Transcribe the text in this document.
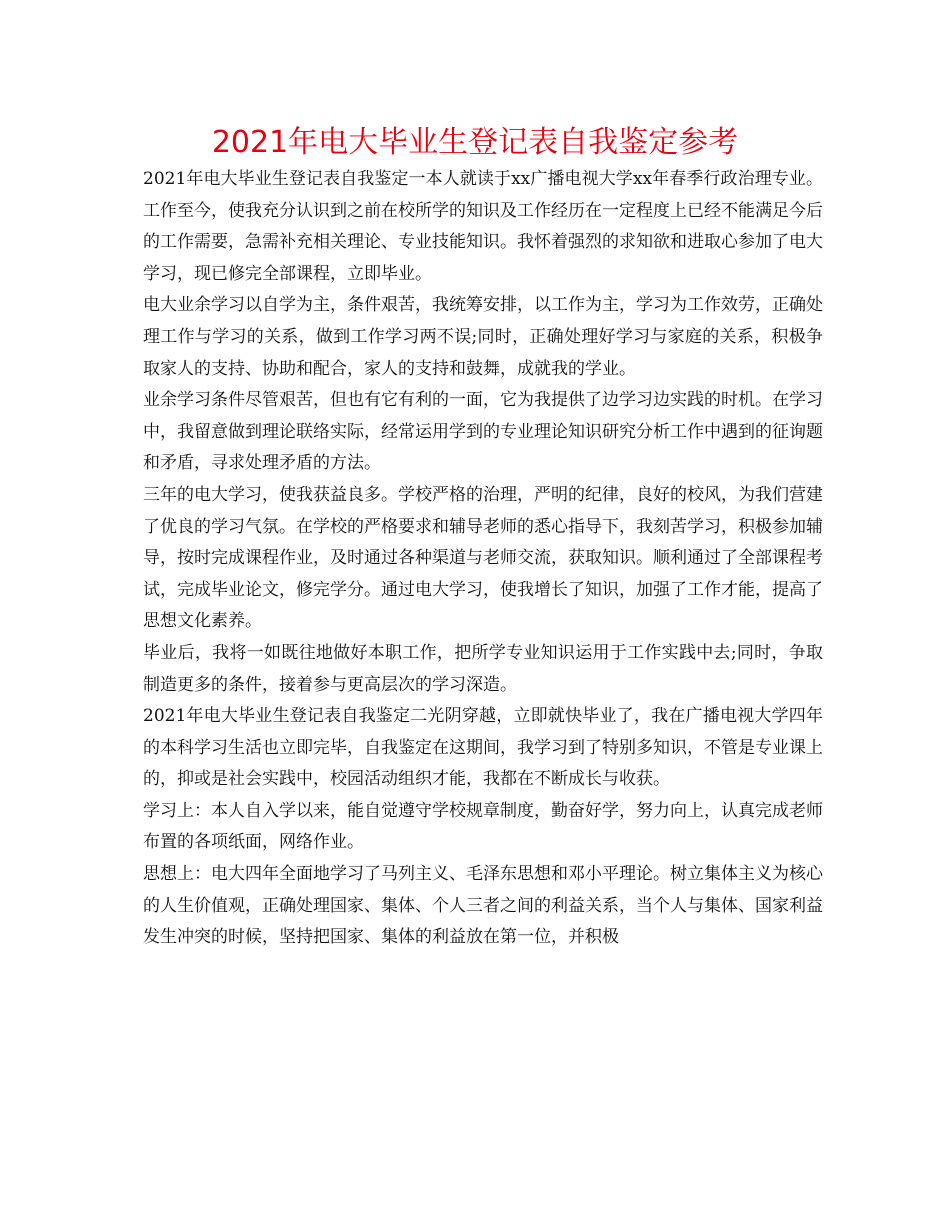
2021年电大毕业生登记表自我鉴定参考

2021年电大毕业生登记表自我鉴定一本人就读于xx广播电视大学xx年春季行政治理专业。工作至今，使我充分认识到之前在校所学的知识及工作经历在一定程度上已经不能满足今后的工作需要，急需补充相关理论、专业技能知识。我怀着强烈的求知欲和进取心参加了电大学习，现已修完全部课程，立即毕业。

电大业余学习以自学为主，条件艰苦，我统筹安排，以工作为主，学习为工作效劳，正确处理工作与学习的关系，做到工作学习两不误;同时，正确处理好学习与家庭的关系，积极争取家人的支持、协助和配合，家人的支持和鼓舞，成就我的学业。

业余学习条件尽管艰苦，但也有它有利的一面，它为我提供了边学习边实践的时机。在学习中，我留意做到理论联络实际，经常运用学到的专业理论知识研究分析工作中遇到的征询题和矛盾，寻求处理矛盾的方法。

三年的电大学习，使我获益良多。学校严格的治理，严明的纪律，良好的校风，为我们营建了优良的学习气氛。在学校的严格要求和辅导老师的悉心指导下，我刻苦学习，积极参加辅导，按时完成课程作业，及时通过各种渠道与老师交流，获取知识。顺利通过了全部课程考试，完成毕业论文，修完学分。通过电大学习，使我增长了知识，加强了工作才能，提高了思想文化素养。

毕业后，我将一如既往地做好本职工作，把所学专业知识运用于工作实践中去;同时，争取制造更多的条件，接着参与更高层次的学习深造。

2021年电大毕业生登记表自我鉴定二光阴穿越，立即就快毕业了，我在广播电视大学四年的本科学习生活也立即完毕，自我鉴定在这期间，我学习到了特别多知识，不管是专业课上的，抑或是社会实践中，校园活动组织才能，我都在不断成长与收获。

学习上：本人自入学以来，能自觉遵守学校规章制度，勤奋好学，努力向上，认真完成老师布置的各项纸面，网络作业。

思想上：电大四年全面地学习了马列主义、毛泽东思想和邓小平理论。树立集体主义为核心的人生价值观，正确处理国家、集体、个人三者之间的利益关系，当个人与集体、国家利益发生冲突的时候，坚持把国家、集体的利益放在第一位，并积极
